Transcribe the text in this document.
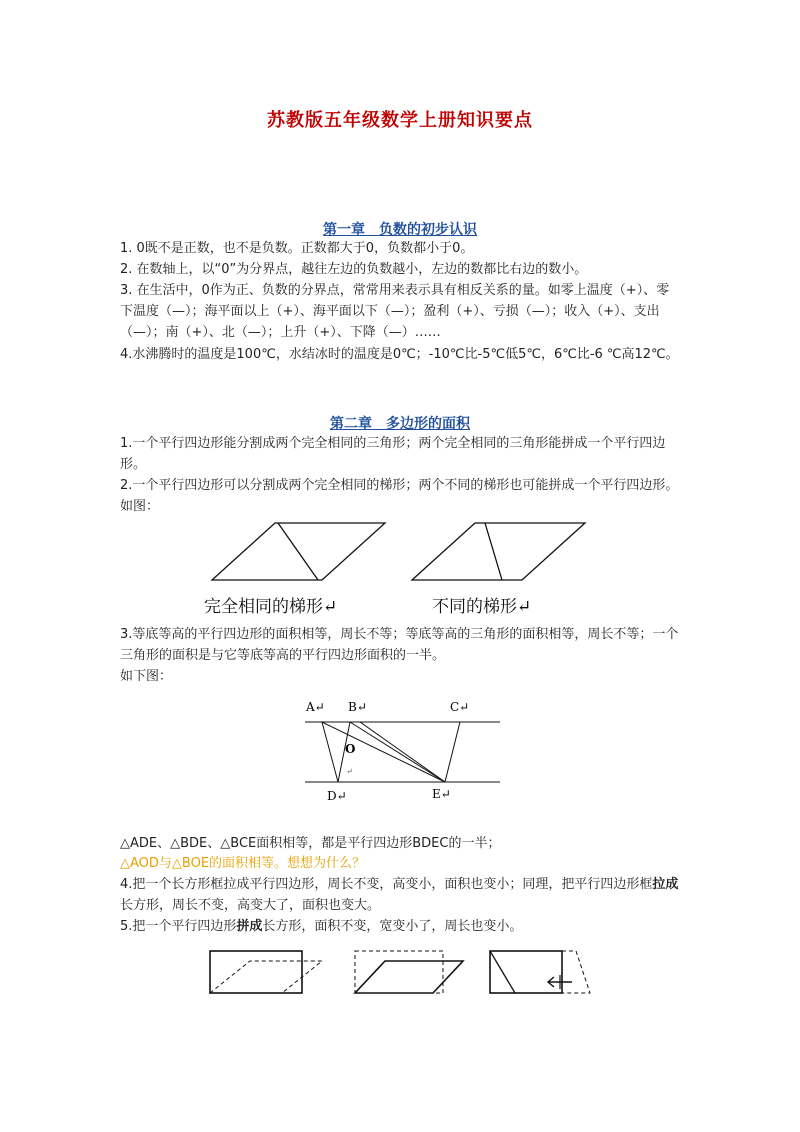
苏教版五年级数学上册知识要点
第一章　负数的初步认识
1. 0既不是正数，也不是负数。正数都大于0，负数都小于0。
2. 在数轴上，以“0”为分界点，越往左边的负数越小，左边的数都比右边的数小。
3. 在生活中，0作为正、负数的分界点，常常用来表示具有相反关系的量。如零上温度（+）、零下温度（—）；海平面以上（+）、海平面以下（—）；盈利（+）、亏损（—）；收入（+）、支出（—）；南（+）、北（—）；上升（+）、下降（—）……
4.水沸腾时的温度是100℃，水结冰时的温度是0℃；-10℃比-5℃低5℃，6℃比-6 ℃高12℃。
第二章　多边形的面积
1.一个平行四边形能分割成两个完全相同的三角形；两个完全相同的三角形能拼成一个平行四边形。
2.一个平行四边形可以分割成两个完全相同的梯形；两个不同的梯形也可能拼成一个平行四边形。如图：
完全相同的梯形↵	不同的梯形↵
3.等底等高的平行四边形的面积相等，周长不等；等底等高的三角形的面积相等，周长不等；一个三角形的面积是与它等底等高的平行四边形面积的一半。
如下图：
A↵ B↵	C↵
O
↵
D↵	E↵
△ADE、△BDE、△BCE面积相等，都是平行四边形BDEC的一半；
△AOD与△BOE的面积相等。想想为什么？
4.把一个长方形框拉成平行四边形，周长不变，高变小，面积也变小；同理，把平行四边形框拉成长方形，周长不变，高变大了，面积也变大。
5.把一个平行四边形拼成长方形，面积不变，宽变小了，周长也变小。
